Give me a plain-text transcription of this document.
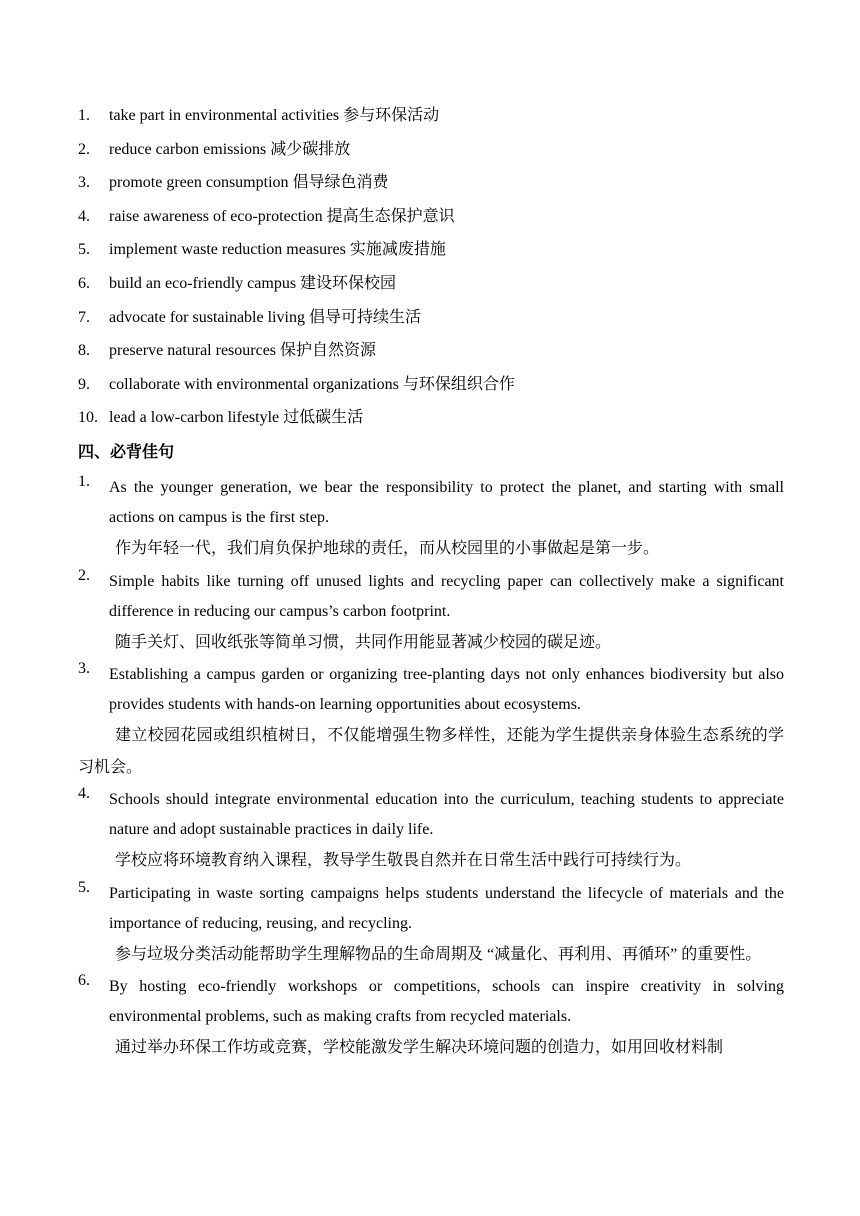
1.	take part in environmental activities 参与环保活动
2.	reduce carbon emissions 减少碳排放
3.	promote green consumption 倡导绿色消费
4.	raise awareness of eco-protection 提高生态保护意识
5.	implement waste reduction measures 实施减废措施
6.	build an eco-friendly campus 建设环保校园
7.	advocate for sustainable living 倡导可持续生活
8.	preserve natural resources 保护自然资源
9.	collaborate with environmental organizations 与环保组织合作
10. lead a low-carbon lifestyle 过低碳生活
四、必背佳句
1.	As the younger generation, we bear the responsibility to protect the planet, and starting with small actions on campus is the first step.
作为年轻一代，我们肩负保护地球的责任，而从校园里的小事做起是第一步。
2.	Simple habits like turning off unused lights and recycling paper can collectively make a significant difference in reducing our campus’s carbon footprint.
随手关灯、回收纸张等简单习惯，共同作用能显著减少校园的碳足迹。
3.	Establishing a campus garden or organizing tree-planting days not only enhances biodiversity but also provides students with hands-on learning opportunities about ecosystems.
建立校园花园或组织植树日，不仅能增强生物多样性，还能为学生提供亲身体验生态系统的学习机会。
4.	Schools should integrate environmental education into the curriculum, teaching students to appreciate nature and adopt sustainable practices in daily life.
学校应将环境教育纳入课程，教导学生敬畏自然并在日常生活中践行可持续行为。
5.	Participating in waste sorting campaigns helps students understand the lifecycle of materials and the importance of reducing, reusing, and recycling.
参与垃圾分类活动能帮助学生理解物品的生命周期及 “减量化、再利用、再循环” 的重要性。
6.	By hosting eco-friendly workshops or competitions, schools can inspire creativity in solving environmental problems, such as making crafts from recycled materials.
通过举办环保工作坊或竞赛，学校能激发学生解决环境问题的创造力，如用回收材料制
